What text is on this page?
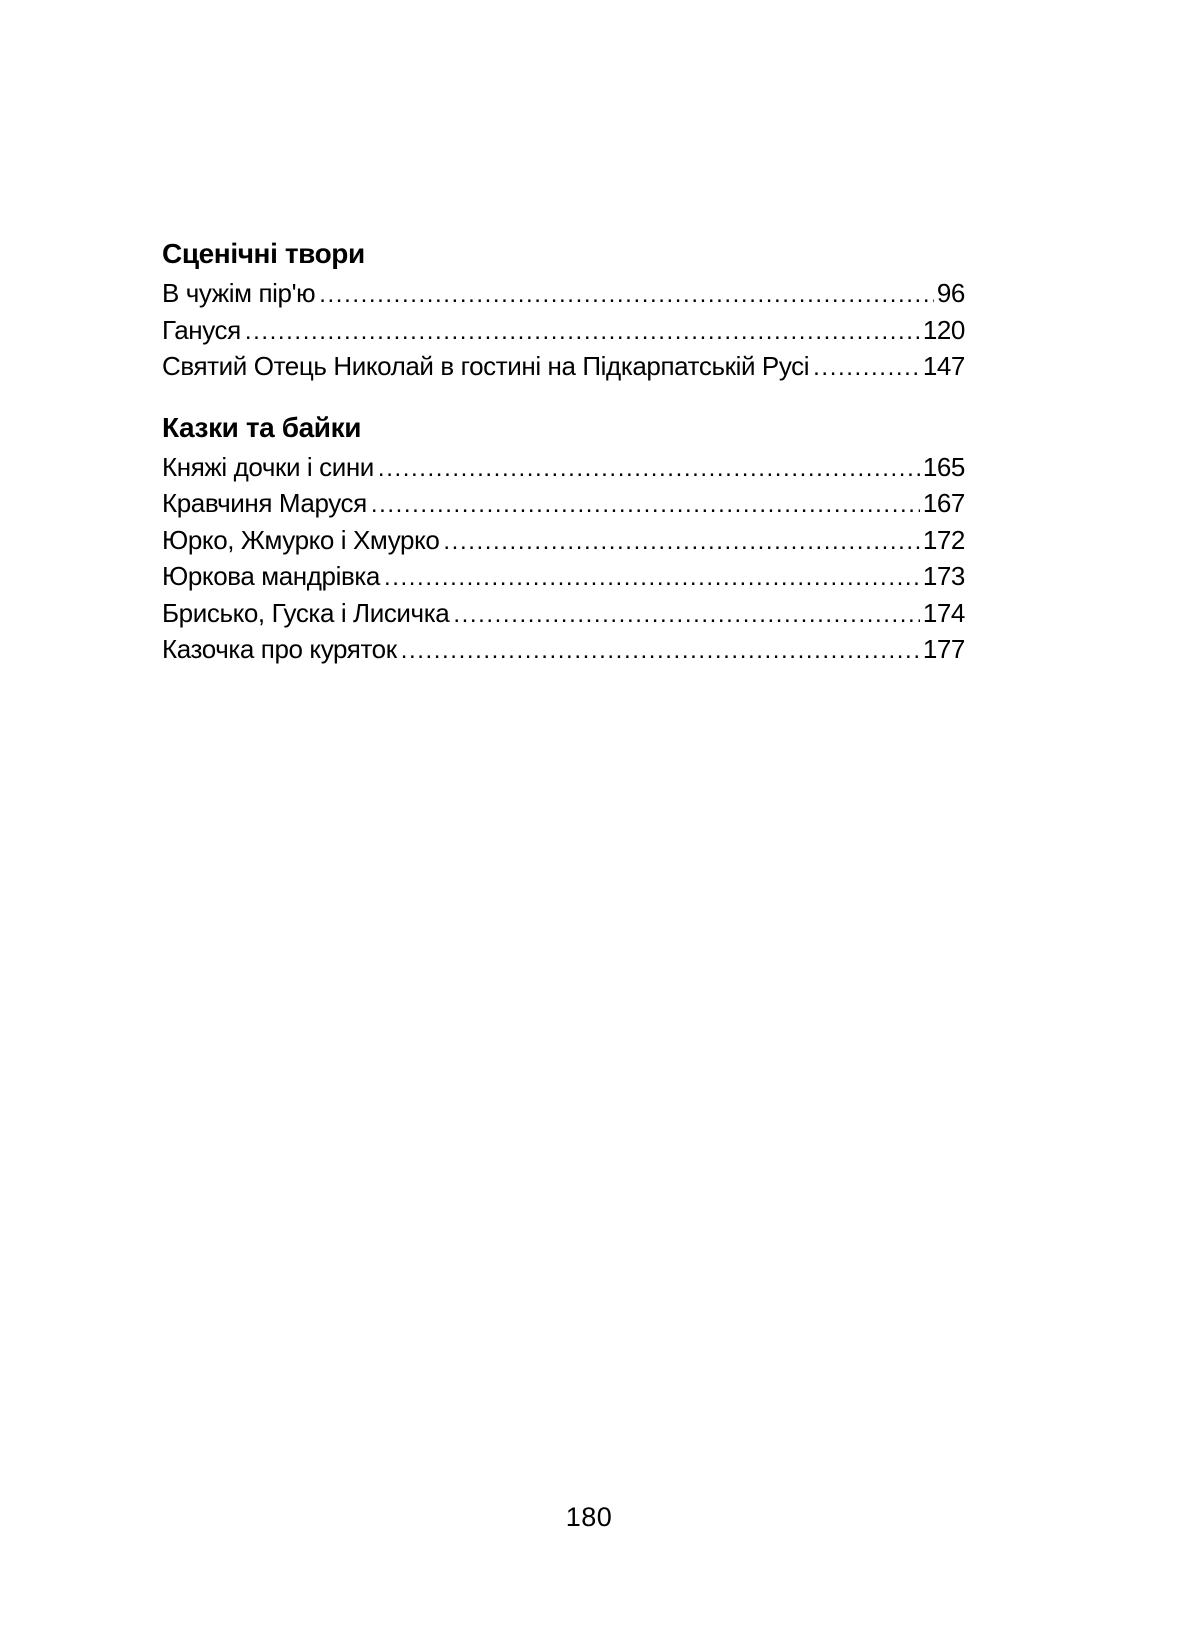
Сценічні твори
В чужім пір'ю .....	96
Гануся .....	120
Святий Отець Николай в гостині на Підкарпатській Русі .....	147
Казки та байки
Княжі дочки і сини .....	165
Кравчиня Маруся .....	167
Юрко, Жмурко і Хмурко .....	172
Юркова мандрівка .....	173
Брисько, Гуска і Лисичка .....	174
Казочка про куряток .....	177
180
